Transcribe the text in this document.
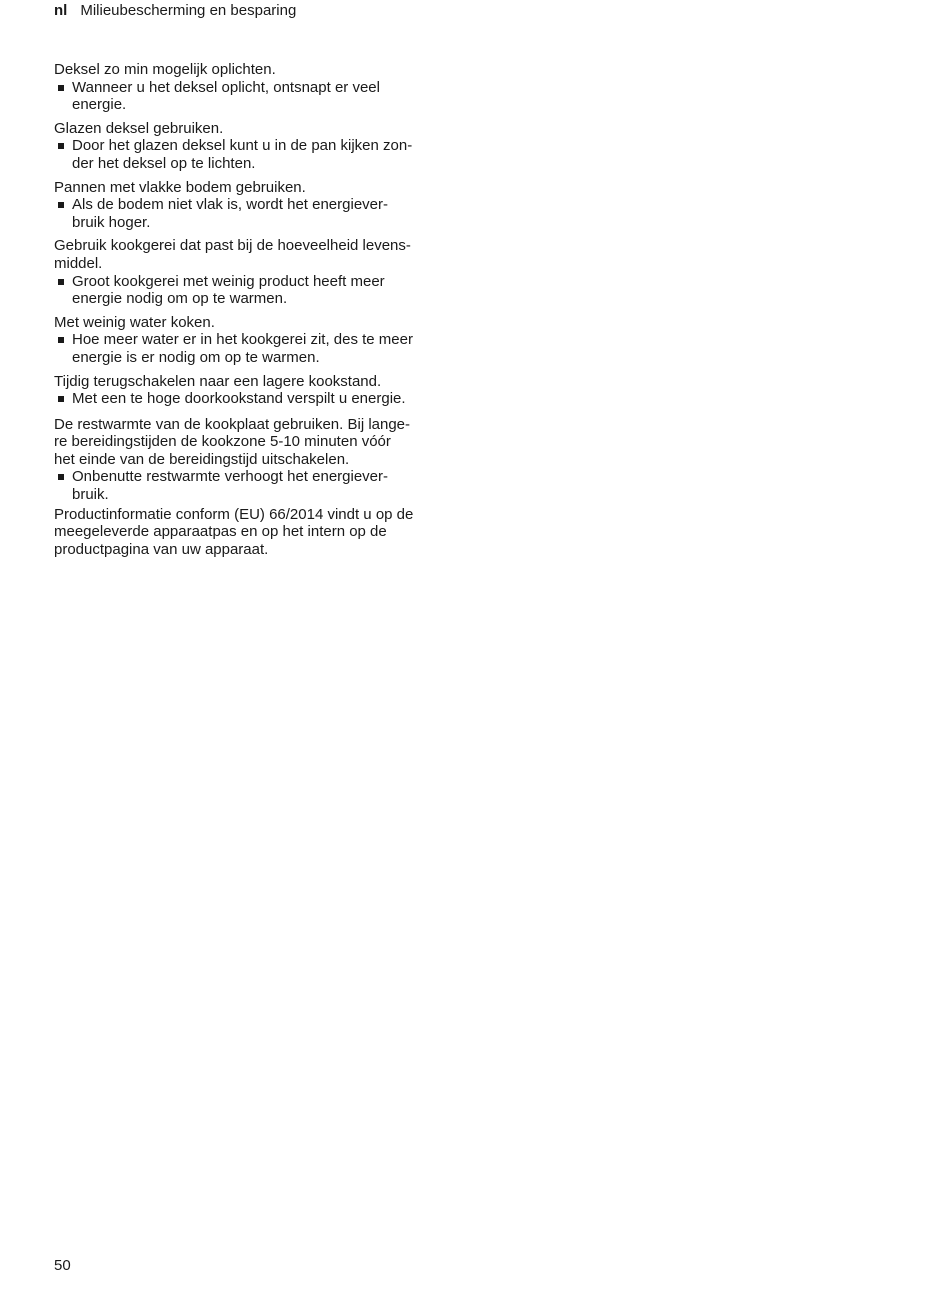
nl Milieubescherming en besparing

Deksel zo min mogelijk oplichten.

Wanneer u het deksel oplicht, ontsnapt er veel
energie.

Glazen deksel gebruiken.

Door het glazen deksel kunt u in de pan kijken zon-
der het deksel op te lichten.

Pannen met vlakke bodem gebruiken.

Als de bodem niet vlak is, wordt het energiever-
bruik hoger.

Gebruik kookgerei dat past bij de hoeveelheid levens-
middel.

Groot kookgerei met weinig product heeft meer
energie nodig om op te warmen.

Met weinig water koken.

Hoe meer water er in het kookgerei zit, des te meer
energie is er nodig om op te warmen.

Tijdig terugschakelen naar een lagere kookstand.

Met een te hoge doorkookstand verspilt u energie.

De restwarmte van de kookplaat gebruiken. Bij lange-
re bereidingstijden de kookzone 5-10 minuten vóór
het einde van de bereidingstijd uitschakelen.

Onbenutte restwarmte verhoogt het energiever-
bruik.

Productinformatie conform (EU) 66/2014 vindt u op de
meegeleverde apparaatpas en op het intern op de
productpagina van uw apparaat.

50
